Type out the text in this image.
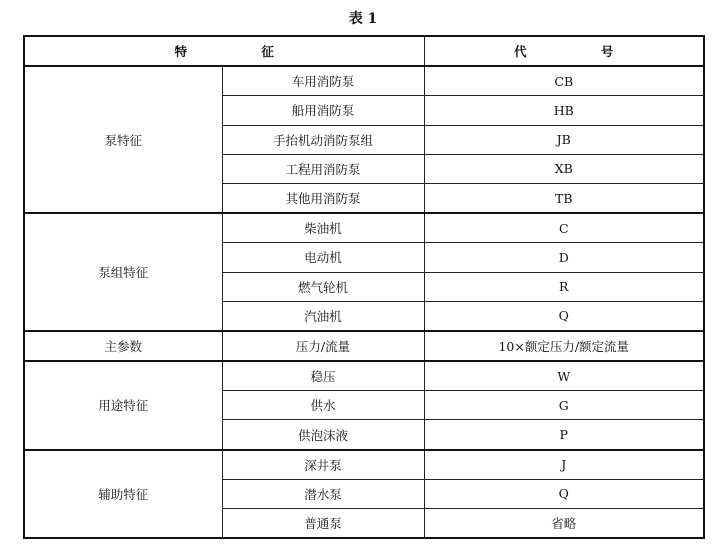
表 1
特 征		代 号
泵特征	车用消防泵	CB
	船用消防泵	HB
	手抬机动消防泵组	JB
	工程用消防泵	XB
	其他用消防泵	TB
泵组特征	柴油机	C
	电动机	D
	燃气轮机	R
	汽油机	Q
主参数	压力/流量	10×额定压力/额定流量
用途特征	稳压	W
	供水	G
	供泡沫液	P
辅助特征	深井泵	J
	潜水泵	Q
	普通泵	省略
